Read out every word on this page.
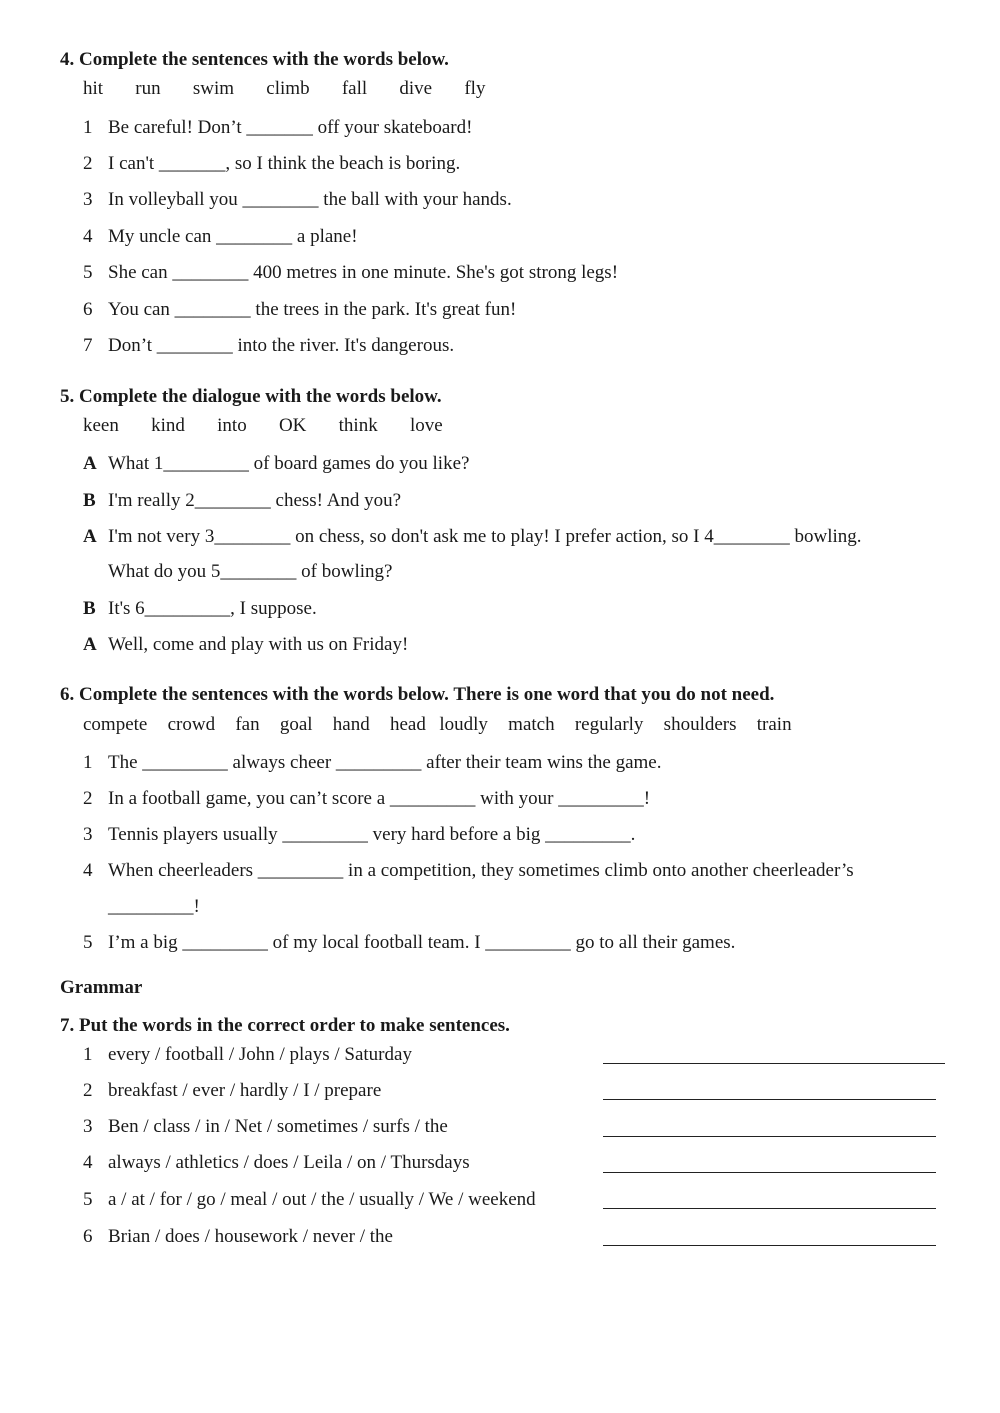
4. Complete the sentences with the words below.
hit   run   swim   climb   fall   dive   fly
1 Be careful! Don’t _______ off your skateboard!
2 I can't _______, so I think the beach is boring.
3 In volleyball you ________ the ball with your hands.
4 My uncle can ________ a plane!
5 She can ________ 400 metres in one minute. She's got strong legs!
6 You can ________ the trees in the park. It's great fun!
7 Don’t ________ into the river. It's dangerous.
5. Complete the dialogue with the words below.
keen   kind   into   OK   think   love
A What 1_________ of board games do you like?
B I'm really 2________ chess! And you?
A I'm not very 3________ on chess, so don't ask me to play! I prefer action, so I 4________ bowling.
What do you 5________ of bowling?
B It's 6_________, I suppose.
A Well, come and play with us on Friday!
6. Complete the sentences with the words below. There is one word that you do not need.
compete   crowd   fan   goal   hand   head  loudly   match   regularly   shoulders   train
1 The _________ always cheer _________ after their team wins the game.
2 In a football game, you can’t score a _________ with your _________!
3 Tennis players usually _________ very hard before a big _________.
4 When cheerleaders _________ in a competition, they sometimes climb onto another cheerleader’s
_________!
5 I’m a big _________ of my local football team. I _________ go to all their games.
Grammar
7. Put the words in the correct order to make sentences.
1 every / football / John / plays / Saturday
2 breakfast / ever / hardly / I / prepare
3 Ben / class / in / Net / sometimes / surfs / the
4 always / athletics / does / Leila / on / Thursdays
5 a / at / for / go / meal / out / the / usually / We / weekend
6 Brian / does / housework / never / the
